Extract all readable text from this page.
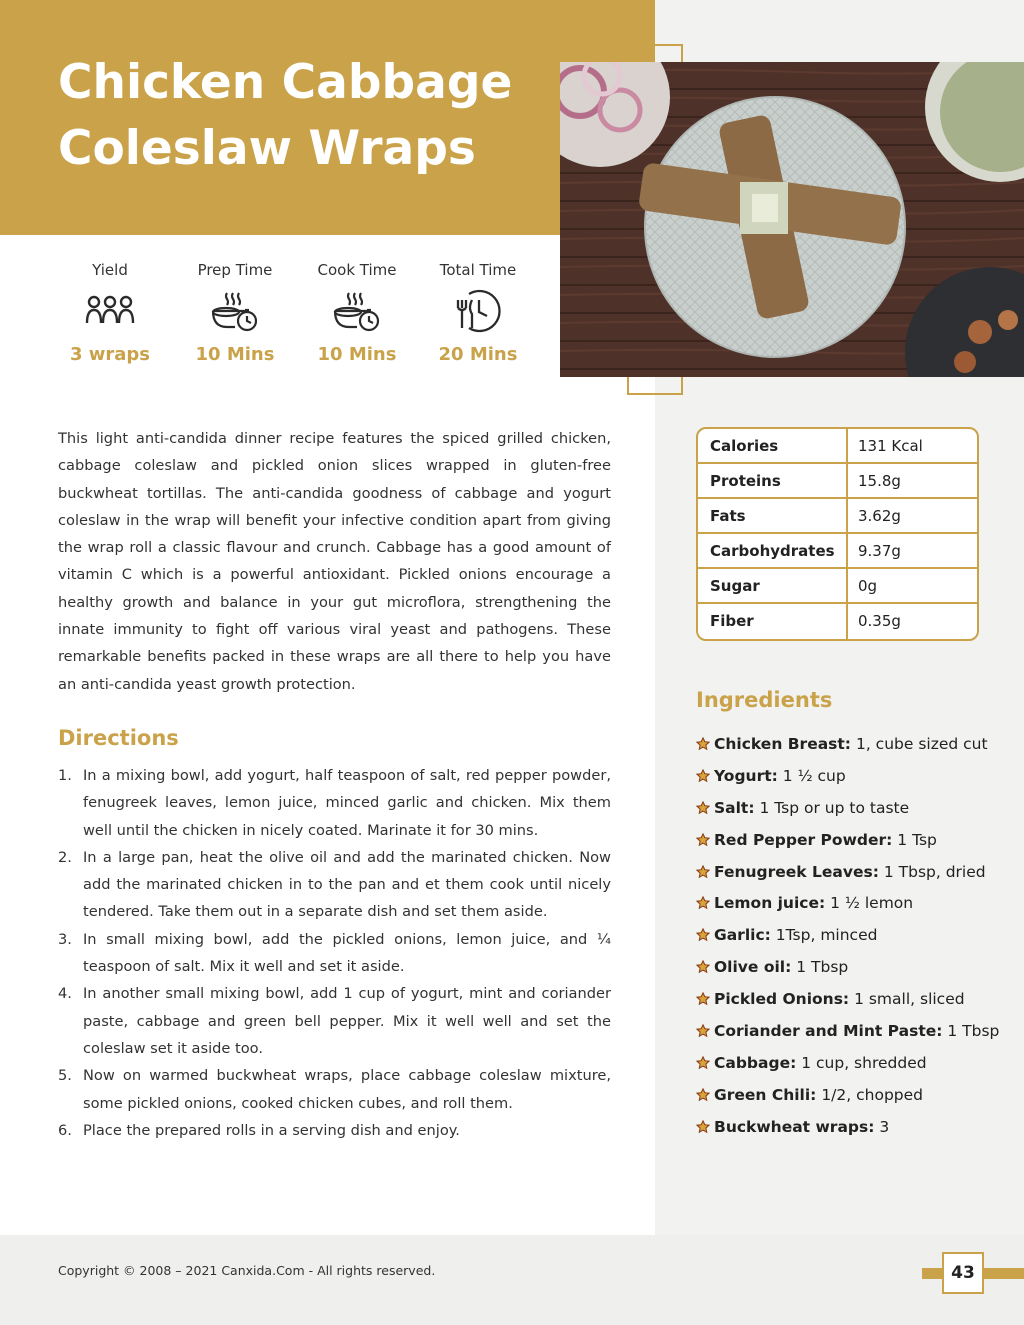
Chicken Cabbage Coleslaw Wraps
Yield
3 wraps
Prep Time
10 Mins
Cook Time
10 Mins
Total Time
20 Mins

This light anti-candida dinner recipe features the spiced grilled chicken, cabbage coleslaw and pickled onion slices wrapped in gluten-free buckwheat tortillas. The anti-candida goodness of cabbage and yogurt coleslaw in the wrap will benefit your infective condition apart from giving the wrap roll a classic flavour and crunch. Cabbage has a good amount of vitamin C which is a powerful antioxidant. Pickled onions encourage a healthy growth and balance in your gut microflora, strengthening the innate immunity to fight off various viral yeast and pathogens. These remarkable benefits packed in these wraps are all there to help you have an anti-candida yeast growth protection.

Directions
1. In a mixing bowl, add yogurt, half teaspoon of salt, red pepper powder, fenugreek leaves, lemon juice, minced garlic and chicken. Mix them well until the chicken in nicely coated. Marinate it for 30 mins.
2. In a large pan, heat the olive oil and add the marinated chicken. Now add the marinated chicken in to the pan and et them cook until nicely tendered. Take them out in a separate dish and set them aside.
3. In small mixing bowl, add the pickled onions, lemon juice, and ¼ teaspoon of salt. Mix it well and set it aside.
4. In another small mixing bowl, add 1 cup of yogurt, mint and coriander paste, cabbage and green bell pepper. Mix it well well and set the coleslaw set it aside too.
5. Now on warmed buckwheat wraps, place cabbage coleslaw mixture, some pickled onions, cooked chicken cubes, and roll them.
6. Place the prepared rolls in a serving dish and enjoy.
Calories	131 Kcal
Proteins	15.8g
Fats	3.62g
Carbohydrates	9.37g
Sugar	0g
Fiber	0.35g
Ingredients
Chicken Breast: 1, cube sized cut
Yogurt: 1 ½ cup
Salt: 1 Tsp or up to taste
Red Pepper Powder: 1 Tsp
Fenugreek Leaves: 1 Tbsp, dried
Lemon juice: 1 ½ lemon
Garlic: 1Tsp, minced
Olive oil: 1 Tbsp
Pickled Onions: 1 small, sliced
Coriander and Mint Paste: 1 Tbsp
Cabbage: 1 cup, shredded
Green Chili: 1/2, chopped
Buckwheat wraps: 3
Copyright © 2008 – 2021 Canxida.Com - All rights reserved.	43
